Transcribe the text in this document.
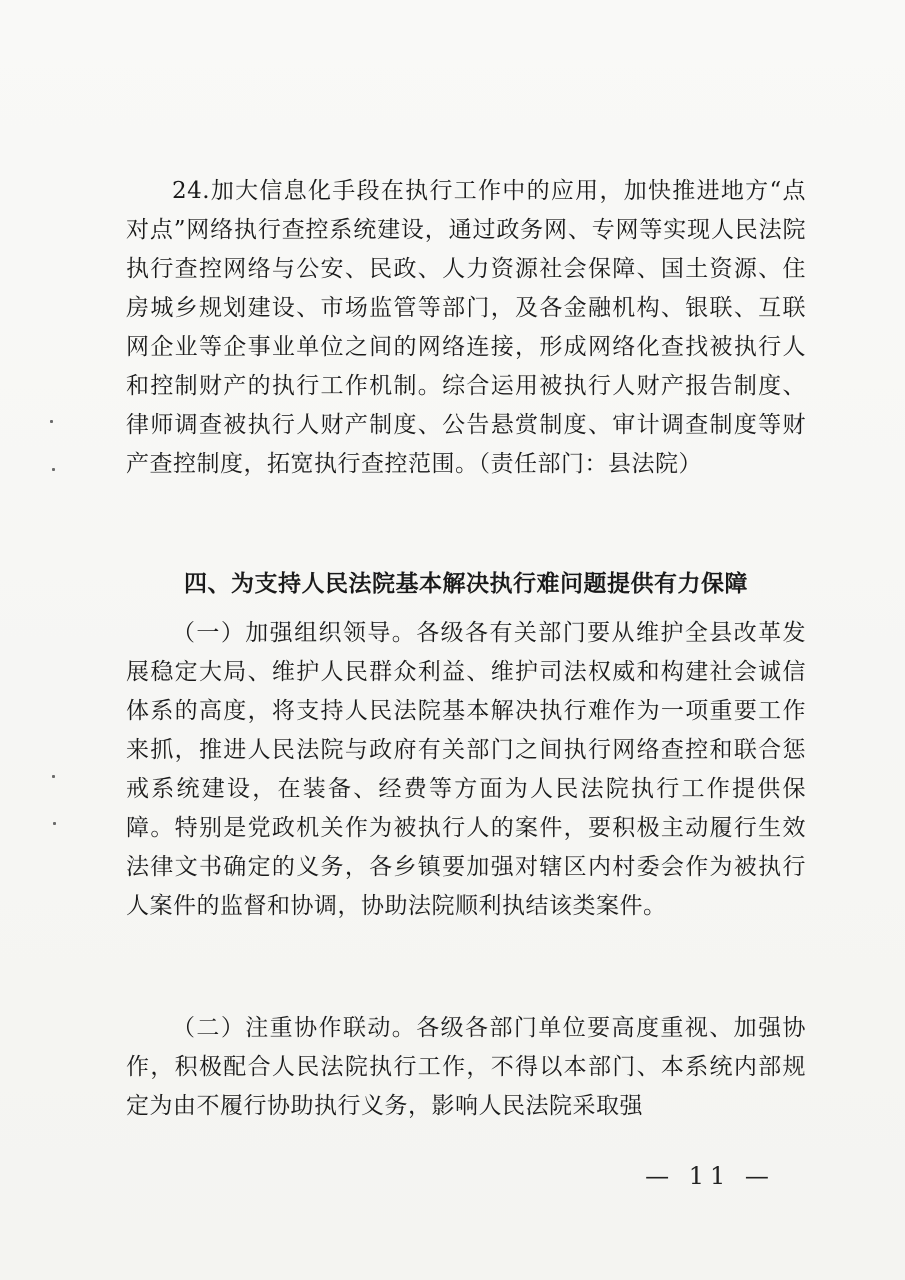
24.加大信息化手段在执行工作中的应用，加快推进地方“点对点”网络执行查控系统建设，通过政务网、专网等实现人民法院执行查控网络与公安、民政、人力资源社会保障、国土资源、住房城乡规划建设、市场监管等部门，及各金融机构、银联、互联网企业等企事业单位之间的网络连接，形成网络化查找被执行人和控制财产的执行工作机制。综合运用被执行人财产报告制度、律师调查被执行人财产制度、公告悬赏制度、审计调查制度等财产查控制度，拓宽执行查控范围。（责任部门：县法院）

四、为支持人民法院基本解决执行难问题提供有力保障

（一）加强组织领导。各级各有关部门要从维护全县改革发展稳定大局、维护人民群众利益、维护司法权威和构建社会诚信体系的高度，将支持人民法院基本解决执行难作为一项重要工作来抓，推进人民法院与政府有关部门之间执行网络查控和联合惩戒系统建设，在装备、经费等方面为人民法院执行工作提供保障。特别是党政机关作为被执行人的案件，要积极主动履行生效法律文书确定的义务，各乡镇要加强对辖区内村委会作为被执行人案件的监督和协调，协助法院顺利执结该类案件。

（二）注重协作联动。各级各部门单位要高度重视、加强协作，积极配合人民法院执行工作，不得以本部门、本系统内部规定为由不履行协助执行义务，影响人民法院采取强

— 11 —
